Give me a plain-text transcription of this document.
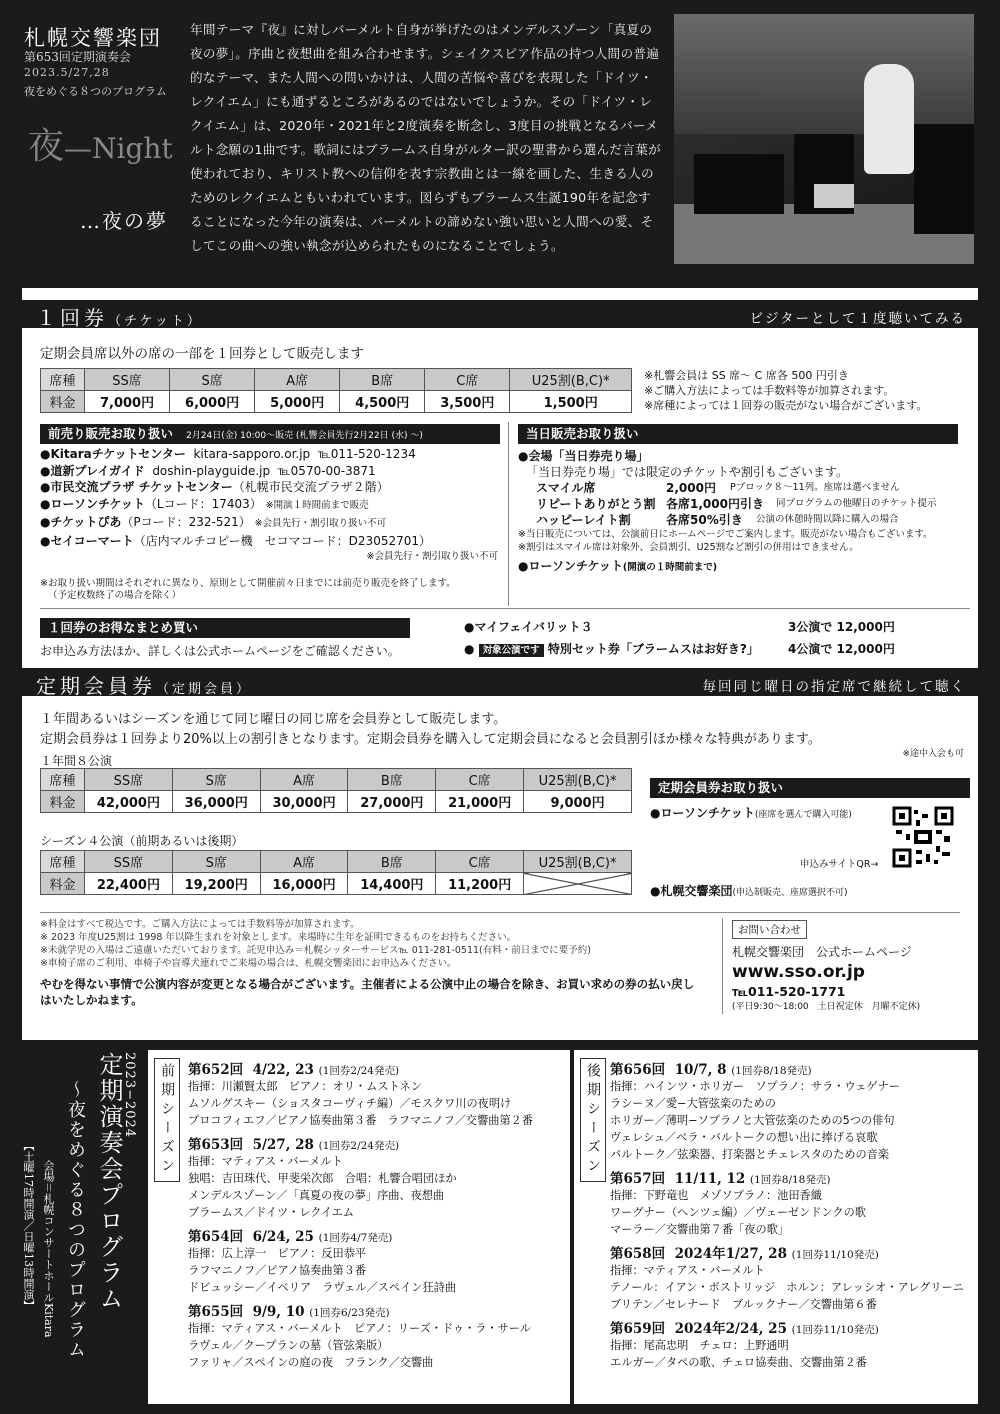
札幌交響楽団
第653回定期演奏会
2023.5/27,28
夜をめぐる８つのプログラム
夜—Night
…夜の夢
年間テーマ『夜』に対しバーメルト自身が挙げたのはメンデルスゾーン「真夏の夜の夢」。序曲と夜想曲を組み合わせます。シェイクスピア作品の持つ人間の普遍的なテーマ、また人間への問いかけは、人間の苦悩や喜びを表現した「ドイツ・レクイエム」にも通ずるところがあるのではないでしょうか。その「ドイツ・レクイエム」は、2020年・2021年と2度演奏を断念し、3度目の挑戦となるバーメルト念願の1曲です。歌詞にはブラームス自身がルター訳の聖書から選んだ言葉が使われており、キリスト教への信仰を表す宗教曲とは一線を画した、生きる人のためのレクイエムともいわれています。図らずもブラームス生誕190年を記念することになった今年の演奏は、バーメルトの諦めない強い思いと人間への愛、そしてこの曲への強い執念が込められたものになることでしょう。
１回券（チケット）	ビジターとして１度聴いてみる
定期会員席以外の席の一部を１回券として販売します
席種	SS席	S席	A席	B席	C席	U25割(B,C)*
料金	7,000円	6,000円	5,000円	4,500円	3,500円	1,500円
※札響会員は SS 席〜 C 席各 500 円引き
※ご購入方法によっては手数料等が加算されます。
※席種によっては１回券の販売がない場合がございます。
前売り販売お取り扱い 2月24日(金) 10:00～販売 (札響会員先行2月22日 (水) ～)
●Kitaraチケットセンター kitara-sapporo.or.jp ℡011-520-1234
●道新プレイガイド doshin-playguide.jp ℡0570-00-3871
●市民交流プラザ チケットセンター（札幌市民交流プラザ２階）
●ローソンチケット（Lコード：17403） ※開演１時間前まで販売
●チケットぴあ（Pコード：232-521） ※会員先行・割引取り扱い不可
●セイコーマート（店内マルチコピー機　セコマコード：D23052701）
※会員先行・割引取り扱い不可
※お取り扱い期間はそれぞれに異なり、原則として開催前々日までには前売り販売を終了します。
（予定枚数終了の場合を除く）
当日販売お取り扱い
●会場「当日券売り場」
「当日券売り場」では限定のチケットや割引もございます。
スマイル席	2,000円	Pブロック８～11列。座席は選べません
リピートありがとう割 各席1,000円引き	同プログラムの他曜日のチケット提示
ハッピーレイト割	各席50%引き	公演の休憩時間以降に購入の場合
※当日販売については、公演前日にホームページでご案内します。販売がない場合もございます。
※割引はスマイル席は対象外、会員割引、U25割など割引の併用はできません。
●ローソンチケット(開演の１時間前まで)
１回券のお得なまとめ買い
お申込み方法ほか、詳しくは公式ホームページをご確認ください。
●マイフェイバリット３	3公演で 12,000円
● 対象公演です 特別セット券「ブラームスはお好き?」 4公演で 12,000円
定期会員券（定期会員）	毎回同じ曜日の指定席で継続して聴く
１年間あるいはシーズンを通じて同じ曜日の同じ席を会員券として販売します。
定期会員券は１回券より20%以上の割引きとなります。定期会員券を購入して定期会員になると会員割引ほか様々な特典があります。
※途中入会も可
１年間８公演
席種	SS席	S席	A席	B席	C席	U25割(B,C)*
料金	42,000円	36,000円	30,000円	27,000円	21,000円	9,000円
シーズン４公演（前期あるいは後期）
席種	SS席	S席	A席	B席	C席	U25割(B,C)*
料金	22,400円	19,200円	16,000円	14,400円	11,200円	
定期会員券お取り扱い
●ローソンチケット(座席を選んで購入可能)
申込みサイトQR→
●札幌交響楽団(申込制販売、座席選択不可)
※料金はすべて税込です。ご購入方法によっては手数料等が加算されます。
※ 2023 年度U25割は 1998 年以降生まれを対象とします。来場時に生年を証明できるものをお持ちください。
※未就学児の入場はご遠慮いただいております。託児申込み＝札幌シッターサービス℡ 011-281-0511(有料・前日までに要予約)
※車椅子席のご利用、車椅子や盲導犬連れでご来場の場合は、札幌交響楽団にお申込みください。
やむを得ない事情で公演内容が変更となる場合がございます。主催者による公演中止の場合を除き、お買い求めの券の払い戻し
はいたしかねます。
お問い合わせ
札幌交響楽団　公式ホームページ
www.sso.or.jp
℡011-520-1771
(平日9:30～18:00　土日祝定休　月曜不定休)
定期演奏会プログラム 2023−2024
〜夜をめぐる８つのプログラム
会場＝札幌コンサートホールKitara
【土曜17時開演／日曜13時開演】
前期シーズン 第652回 4/22, 23 (1回券2/24発売)
指揮：川瀬賢太郎　ピアノ：オリ・ムストネン
ムソルグスキー（ショスタコーヴィチ編）／モスクワ川の夜明け
プロコフィエフ／ピアノ協奏曲第３番　ラフマニノフ／交響曲第２番
第653回 5/27, 28 (1回券2/24発売)
指揮：マティアス・バーメルト
独唱：吉田珠代、甲斐栄次郎　合唱：札響合唱団ほか
メンデルスゾーン／「真夏の夜の夢」序曲、夜想曲
ブラームス／ドイツ・レクイエム
第654回 6/24, 25 (1回券4/7発売)
指揮：広上淳一　ピアノ：反田恭平
ラフマニノフ／ピアノ協奏曲第３番
ドビュッシー／イベリア　ラヴェル／スペイン狂詩曲
第655回 9/9, 10 (1回券6/23発売)
指揮：マティアス・バーメルト　ピアノ：リーズ・ドゥ・ラ・サール
ラヴェル／クープランの墓（管弦楽版）
ファリャ／スペインの庭の夜　フランク／交響曲
後期シーズン 第656回 10/7, 8 (1回券8/18発売)
指揮：ハインツ・ホリガー　ソプラノ：サラ・ウェゲナー
ラシーヌ／愛−大管弦楽のための
ホリガー／薄明−ソプラノと大管弦楽のための5つの俳句
ヴェレシュ／ベラ・バルトークの想い出に捧げる哀歌
バルトーク／弦楽器、打楽器とチェレスタのための音楽
第657回 11/11, 12 (1回券8/18発売)
指揮：下野竜也　メゾソプラノ：池田香織
ワーグナー（ヘンツェ編）／ヴェーゼンドンクの歌
マーラー／交響曲第７番「夜の歌」
第658回 2024年1/27, 28 (1回券11/10発売)
指揮：マティアス・バーメルト
テノール：イアン・ボストリッジ　ホルン：アレッシオ・アレグリーニ
ブリテン／セレナード　ブルックナー／交響曲第６番
第659回 2024年2/24, 25 (1回券11/10発売)
指揮：尾高忠明　チェロ：上野通明
エルガー／タペの歌、チェロ協奏曲、交響曲第２番
